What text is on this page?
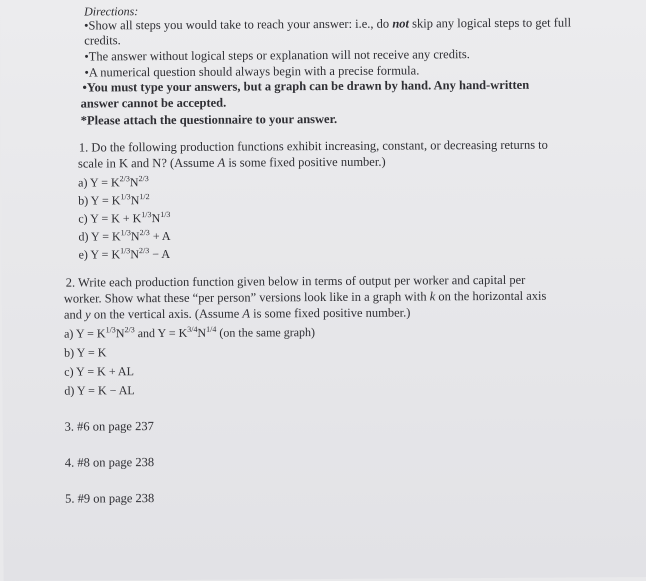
Directions:
•Show all steps you would take to reach your answer: i.e., do not skip any logical steps to get full
credits.
•The answer without logical steps or explanation will not receive any credits.
•A numerical question should always begin with a precise formula.
•You must type your answers, but a graph can be drawn by hand. Any hand-written
answer cannot be accepted.
*Please attach the questionnaire to your answer.
1. Do the following production functions exhibit increasing, constant, or decreasing returns to
scale in K and N? (Assume A is some fixed positive number.)
a) $Y = K^{2/3}N^{2/3}$
b) $Y = K^{1/3}N^{1/2}$
c) $Y = K + K^{1/3}N^{1/3}$
d) $Y = K^{1/3}N^{2/3} + A$
e) $Y = K^{1/3}N^{2/3} - A$
2. Write each production function given below in terms of output per worker and capital per
worker. Show what these “per person” versions look like in a graph with k on the horizontal axis
and y on the vertical axis. (Assume A is some fixed positive number.)
a) $Y = K^{1/3}N^{2/3}$ and $Y = K^{3/4}N^{1/4}$ (on the same graph)
b) Y = K
c) Y = K + AL
d) Y = K − AL
3. #6 on page 237
4. #8 on page 238
5. #9 on page 238
